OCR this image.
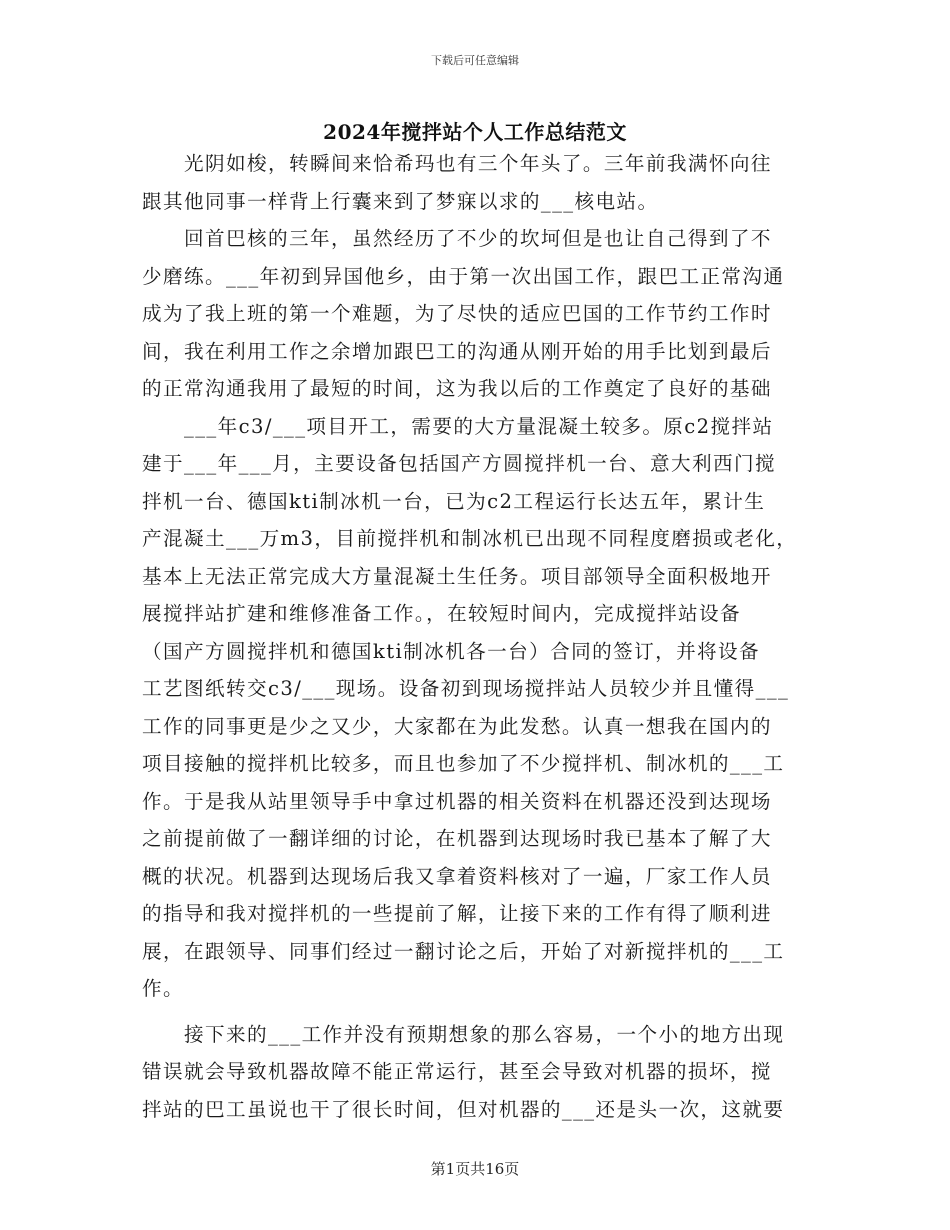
下载后可任意编辑
2024年搅拌站个人工作总结范文
光阴如梭，转瞬间来恰希玛也有三个年头了。三年前我满怀向往
跟其他同事一样背上行囊来到了梦寐以求的___核电站。
回首巴核的三年，虽然经历了不少的坎坷但是也让自己得到了不
少磨练。___年初到异国他乡，由于第一次出国工作，跟巴工正常沟通
成为了我上班的第一个难题，为了尽快的适应巴国的工作节约工作时
间，我在利用工作之余增加跟巴工的沟通从刚开始的用手比划到最后
的正常沟通我用了最短的时间，这为我以后的工作奠定了良好的基础
___年c3/___项目开工，需要的大方量混凝土较多。原c2搅拌站
建于___年___月，主要设备包括国产方圆搅拌机一台、意大利西门搅
拌机一台、德国kti制冰机一台，已为c2工程运行长达五年，累计生
产混凝土___万m3，目前搅拌机和制冰机已出现不同程度磨损或老化，
基本上无法正常完成大方量混凝土生任务。项目部领导全面积极地开
展搅拌站扩建和维修准备工作。，在较短时间内，完成搅拌站设备
（国产方圆搅拌机和德国kti制冰机各一台）合同的签订，并将设备
工艺图纸转交c3/___现场。设备初到现场搅拌站人员较少并且懂得___
工作的同事更是少之又少，大家都在为此发愁。认真一想我在国内的
项目接触的搅拌机比较多，而且也参加了不少搅拌机、制冰机的___工
作。于是我从站里领导手中拿过机器的相关资料在机器还没到达现场
之前提前做了一翻详细的讨论，在机器到达现场时我已基本了解了大
概的状况。机器到达现场后我又拿着资料核对了一遍，厂家工作人员
的指导和我对搅拌机的一些提前了解，让接下来的工作有得了顺利进
展，在跟领导、同事们经过一翻讨论之后，开始了对新搅拌机的___工
作。
接下来的___工作并没有预期想象的那么容易，一个小的地方出现
错误就会导致机器故障不能正常运行，甚至会导致对机器的损坏，搅
拌站的巴工虽说也干了很长时间，但对机器的___还是头一次，这就要
第1页共16页
